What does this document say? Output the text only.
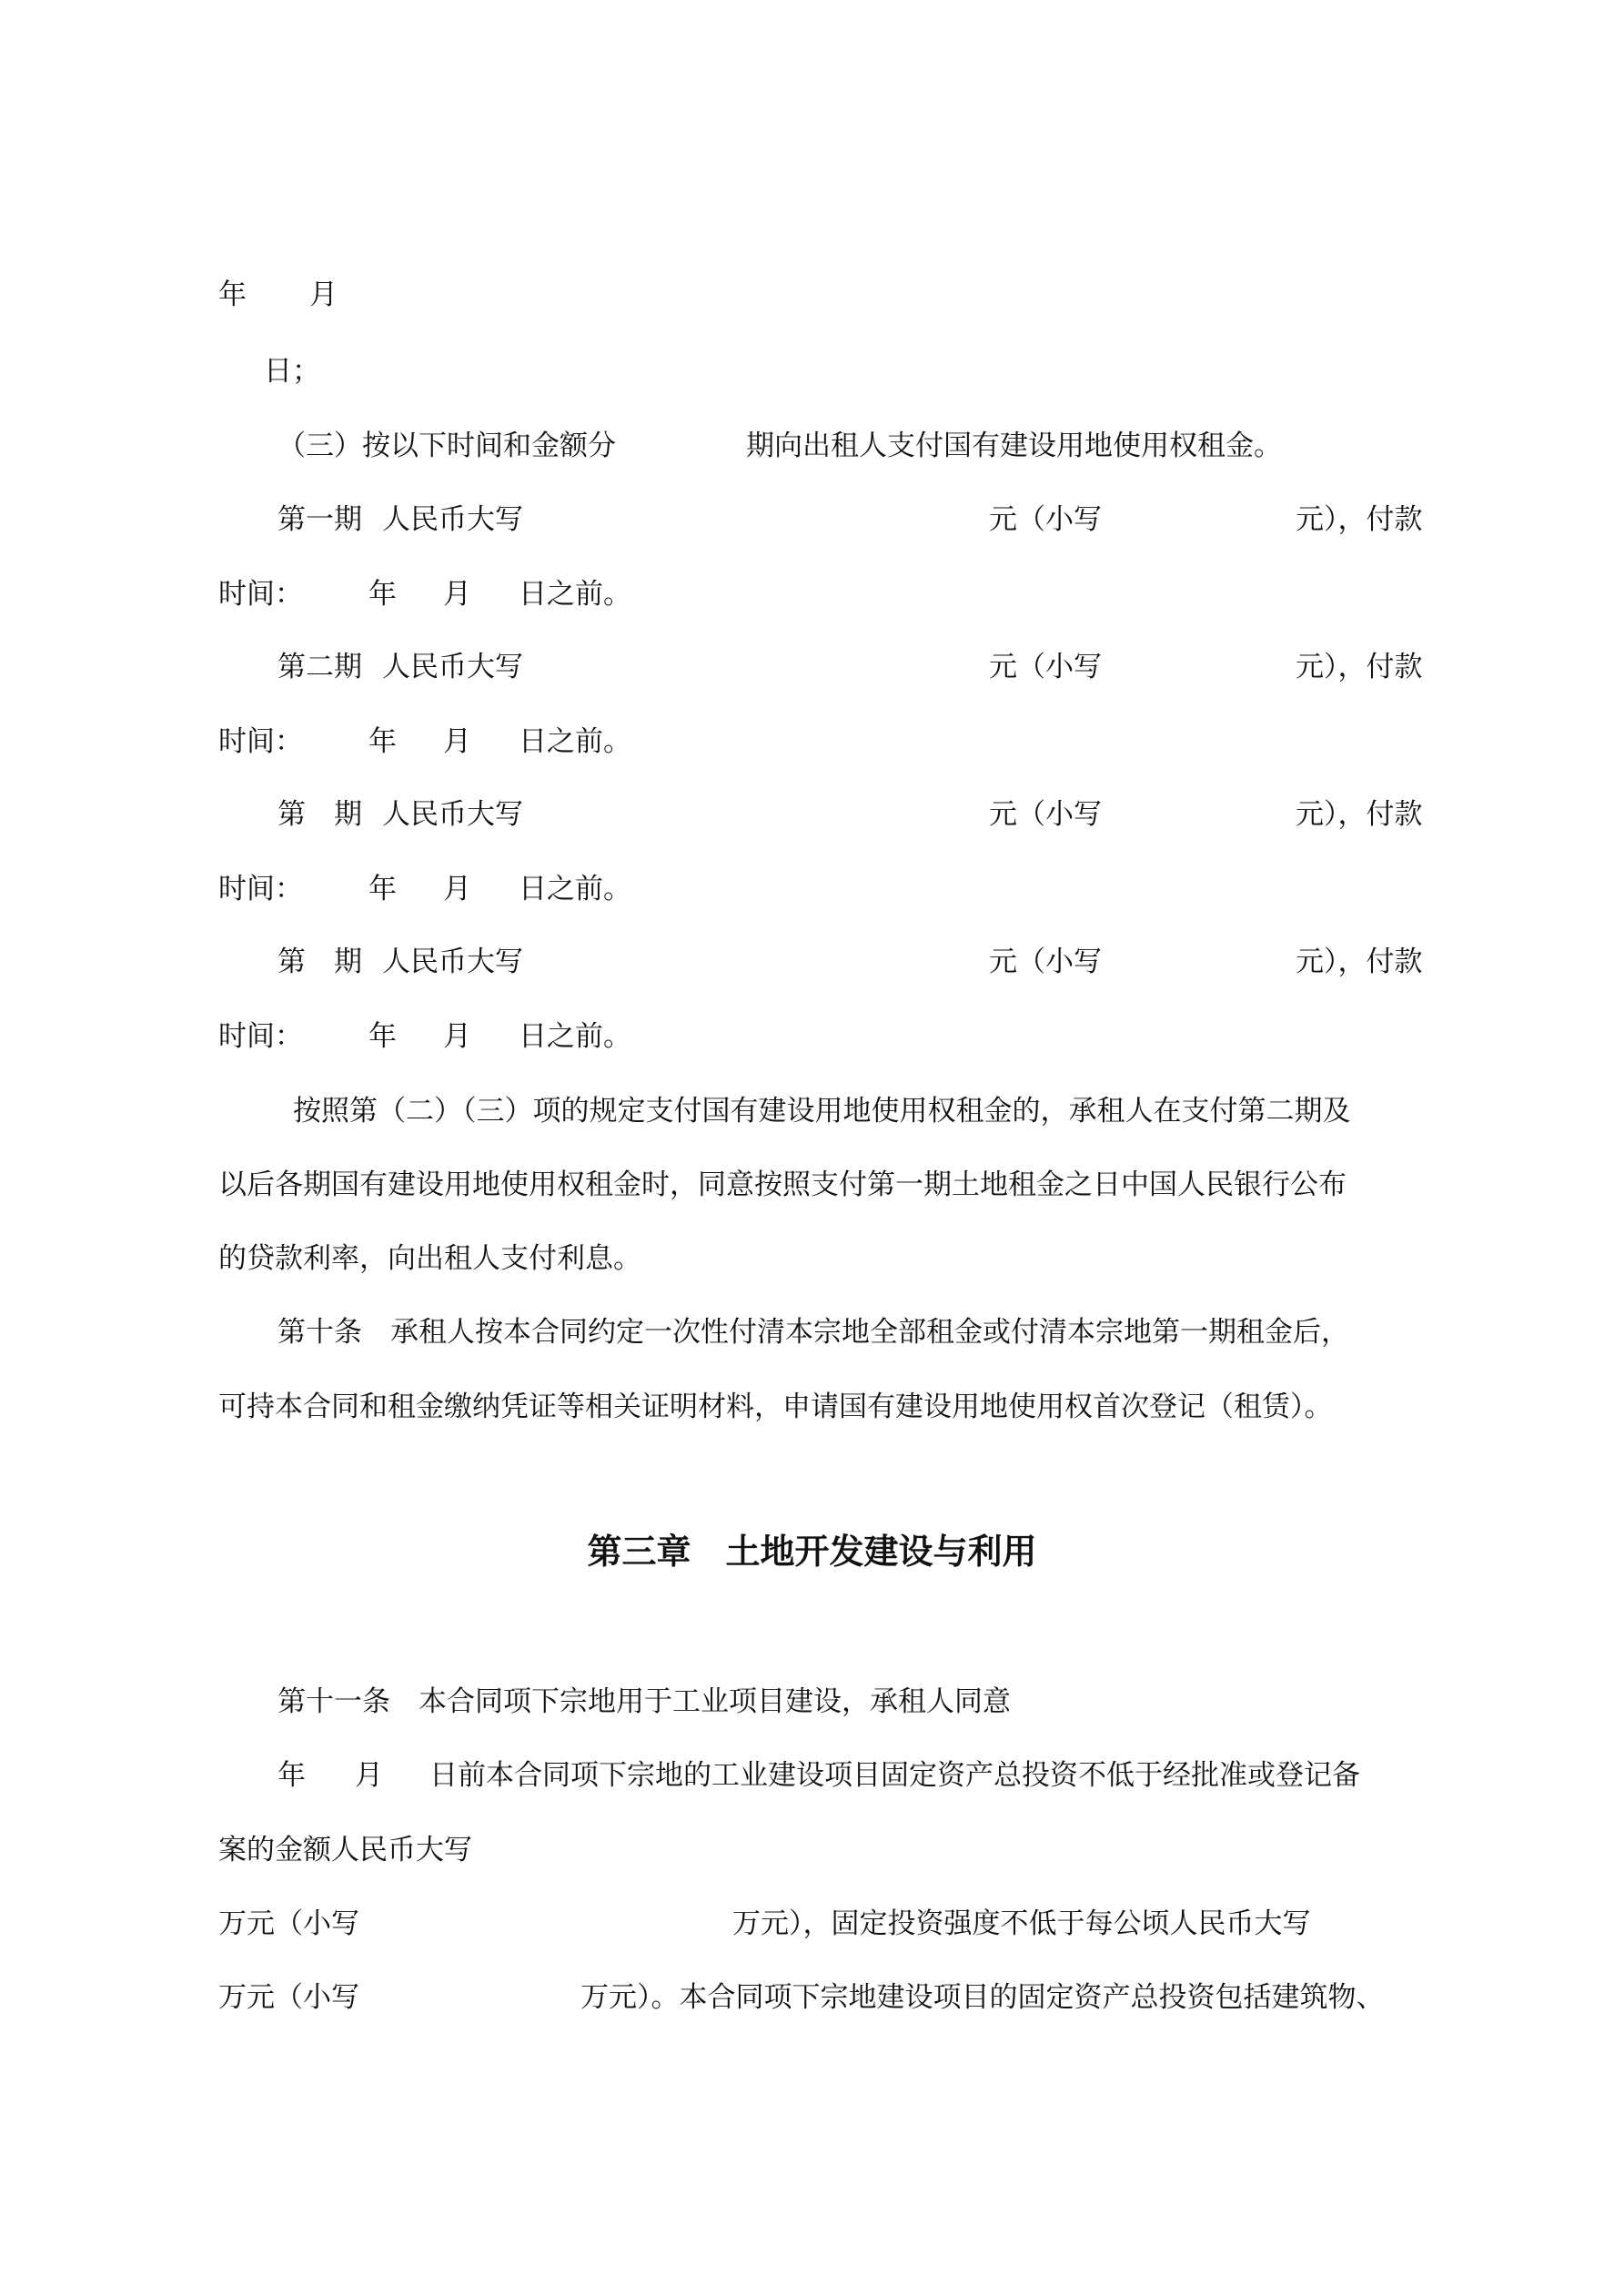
年 月
日；
（三）按以下时间和金额分	期向出租人支付国有建设用地使用权租金。
第一期 人民币大写	元（小写	元），付款
时间： 年 月 日之前。
第二期 人民币大写	元（小写	元），付款
时间： 年 月 日之前。
第　期 人民币大写	元（小写	元），付款
时间： 年 月 日之前。
第　期 人民币大写	元（小写	元），付款
时间： 年 月 日之前。
按照第（二）（三）项的规定支付国有建设用地使用权租金的，承租人在支付第二期及
以后各期国有建设用地使用权租金时，同意按照支付第一期土地租金之日中国人民银行公布
的贷款利率，向出租人支付利息。
第十条　承租人按本合同约定一次性付清本宗地全部租金或付清本宗地第一期租金后，
可持本合同和租金缴纳凭证等相关证明材料，申请国有建设用地使用权首次登记（租赁）。
第三章　土地开发建设与利用
第十一条　本合同项下宗地用于工业项目建设，承租人同意
年 月 日前本合同项下宗地的工业建设项目固定资产总投资不低于经批准或登记备
案的金额人民币大写
万元（小写	万元），固定投资强度不低于每公顷人民币大写
万元（小写	万元）。本合同项下宗地建设项目的固定资产总投资包括建筑物、
